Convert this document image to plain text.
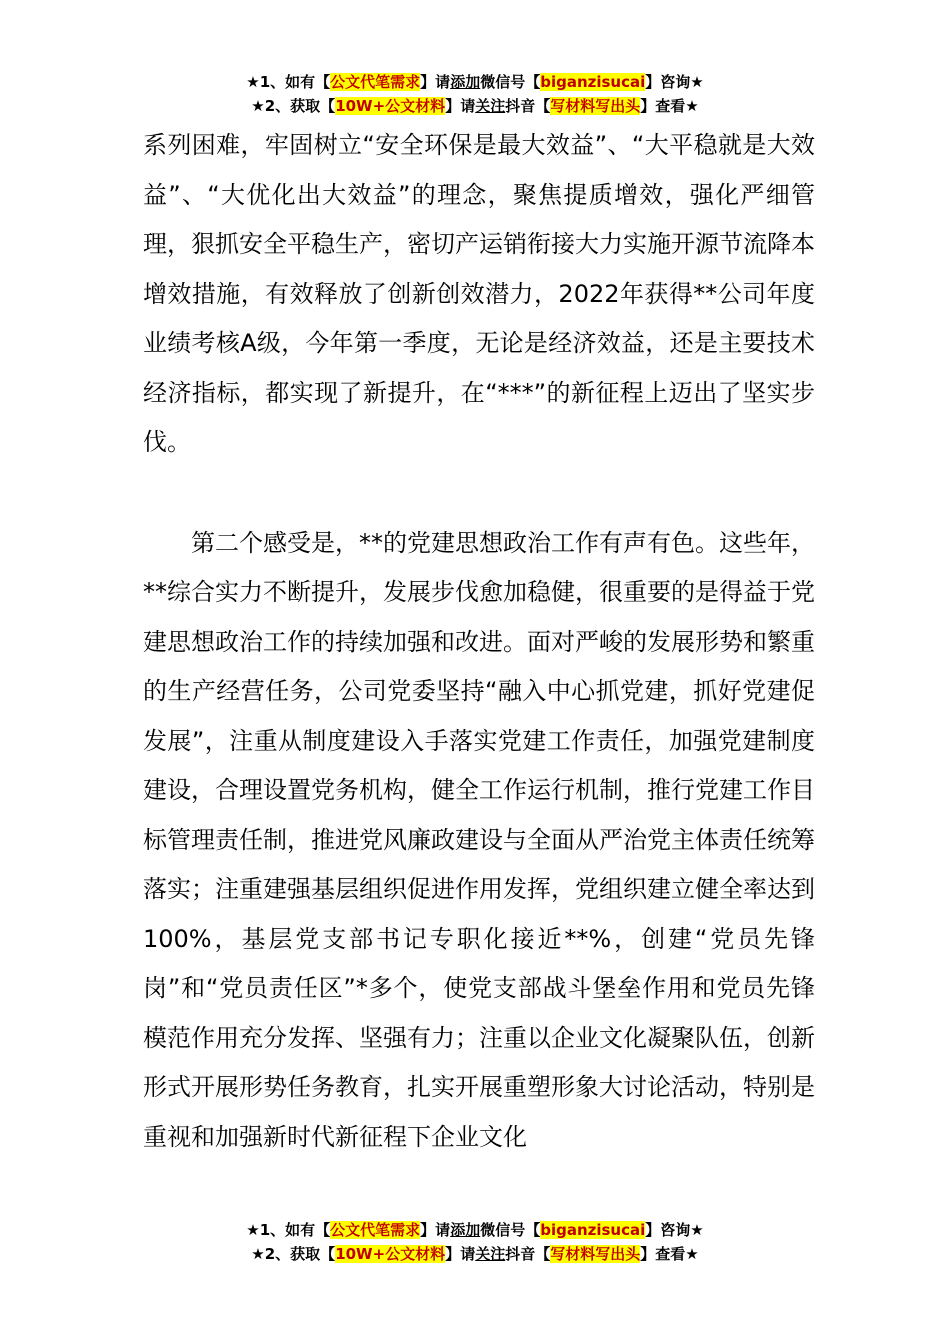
★1、如有【公文代笔需求】请添加微信号【biganzisucai】咨询★
★2、获取【10W+公文材料】请关注抖音【写材料写出头】查看★

系列困难，牢固树立“安全环保是最大效益”、“大平稳就是大效益”、“大优化出大效益”的理念，聚焦提质增效，强化严细管理，狠抓安全平稳生产，密切产运销衔接大力实施开源节流降本增效措施，有效释放了创新创效潜力，2022年获得**公司年度业绩考核A级，今年第一季度，无论是经济效益，还是主要技术经济指标，都实现了新提升，在“***”的新征程上迈出了坚实步伐。

第二个感受是，**的党建思想政治工作有声有色。这些年，**综合实力不断提升，发展步伐愈加稳健，很重要的是得益于党建思想政治工作的持续加强和改进。面对严峻的发展形势和繁重的生产经营任务，公司党委坚持“融入中心抓党建，抓好党建促发展”，注重从制度建设入手落实党建工作责任，加强党建制度建设，合理设置党务机构，健全工作运行机制，推行党建工作目标管理责任制，推进党风廉政建设与全面从严治党主体责任统筹落实；注重建强基层组织促进作用发挥，党组织建立健全率达到100%，基层党支部书记专职化接近**%，创建“党员先锋岗”和“党员责任区”*多个，使党支部战斗堡垒作用和党员先锋模范作用充分发挥、坚强有力；注重以企业文化凝聚队伍，创新形式开展形势任务教育，扎实开展重塑形象大讨论活动，特别是重视和加强新时代新征程下企业文化

★1、如有【公文代笔需求】请添加微信号【biganzisucai】咨询★
★2、获取【10W+公文材料】请关注抖音【写材料写出头】查看★
